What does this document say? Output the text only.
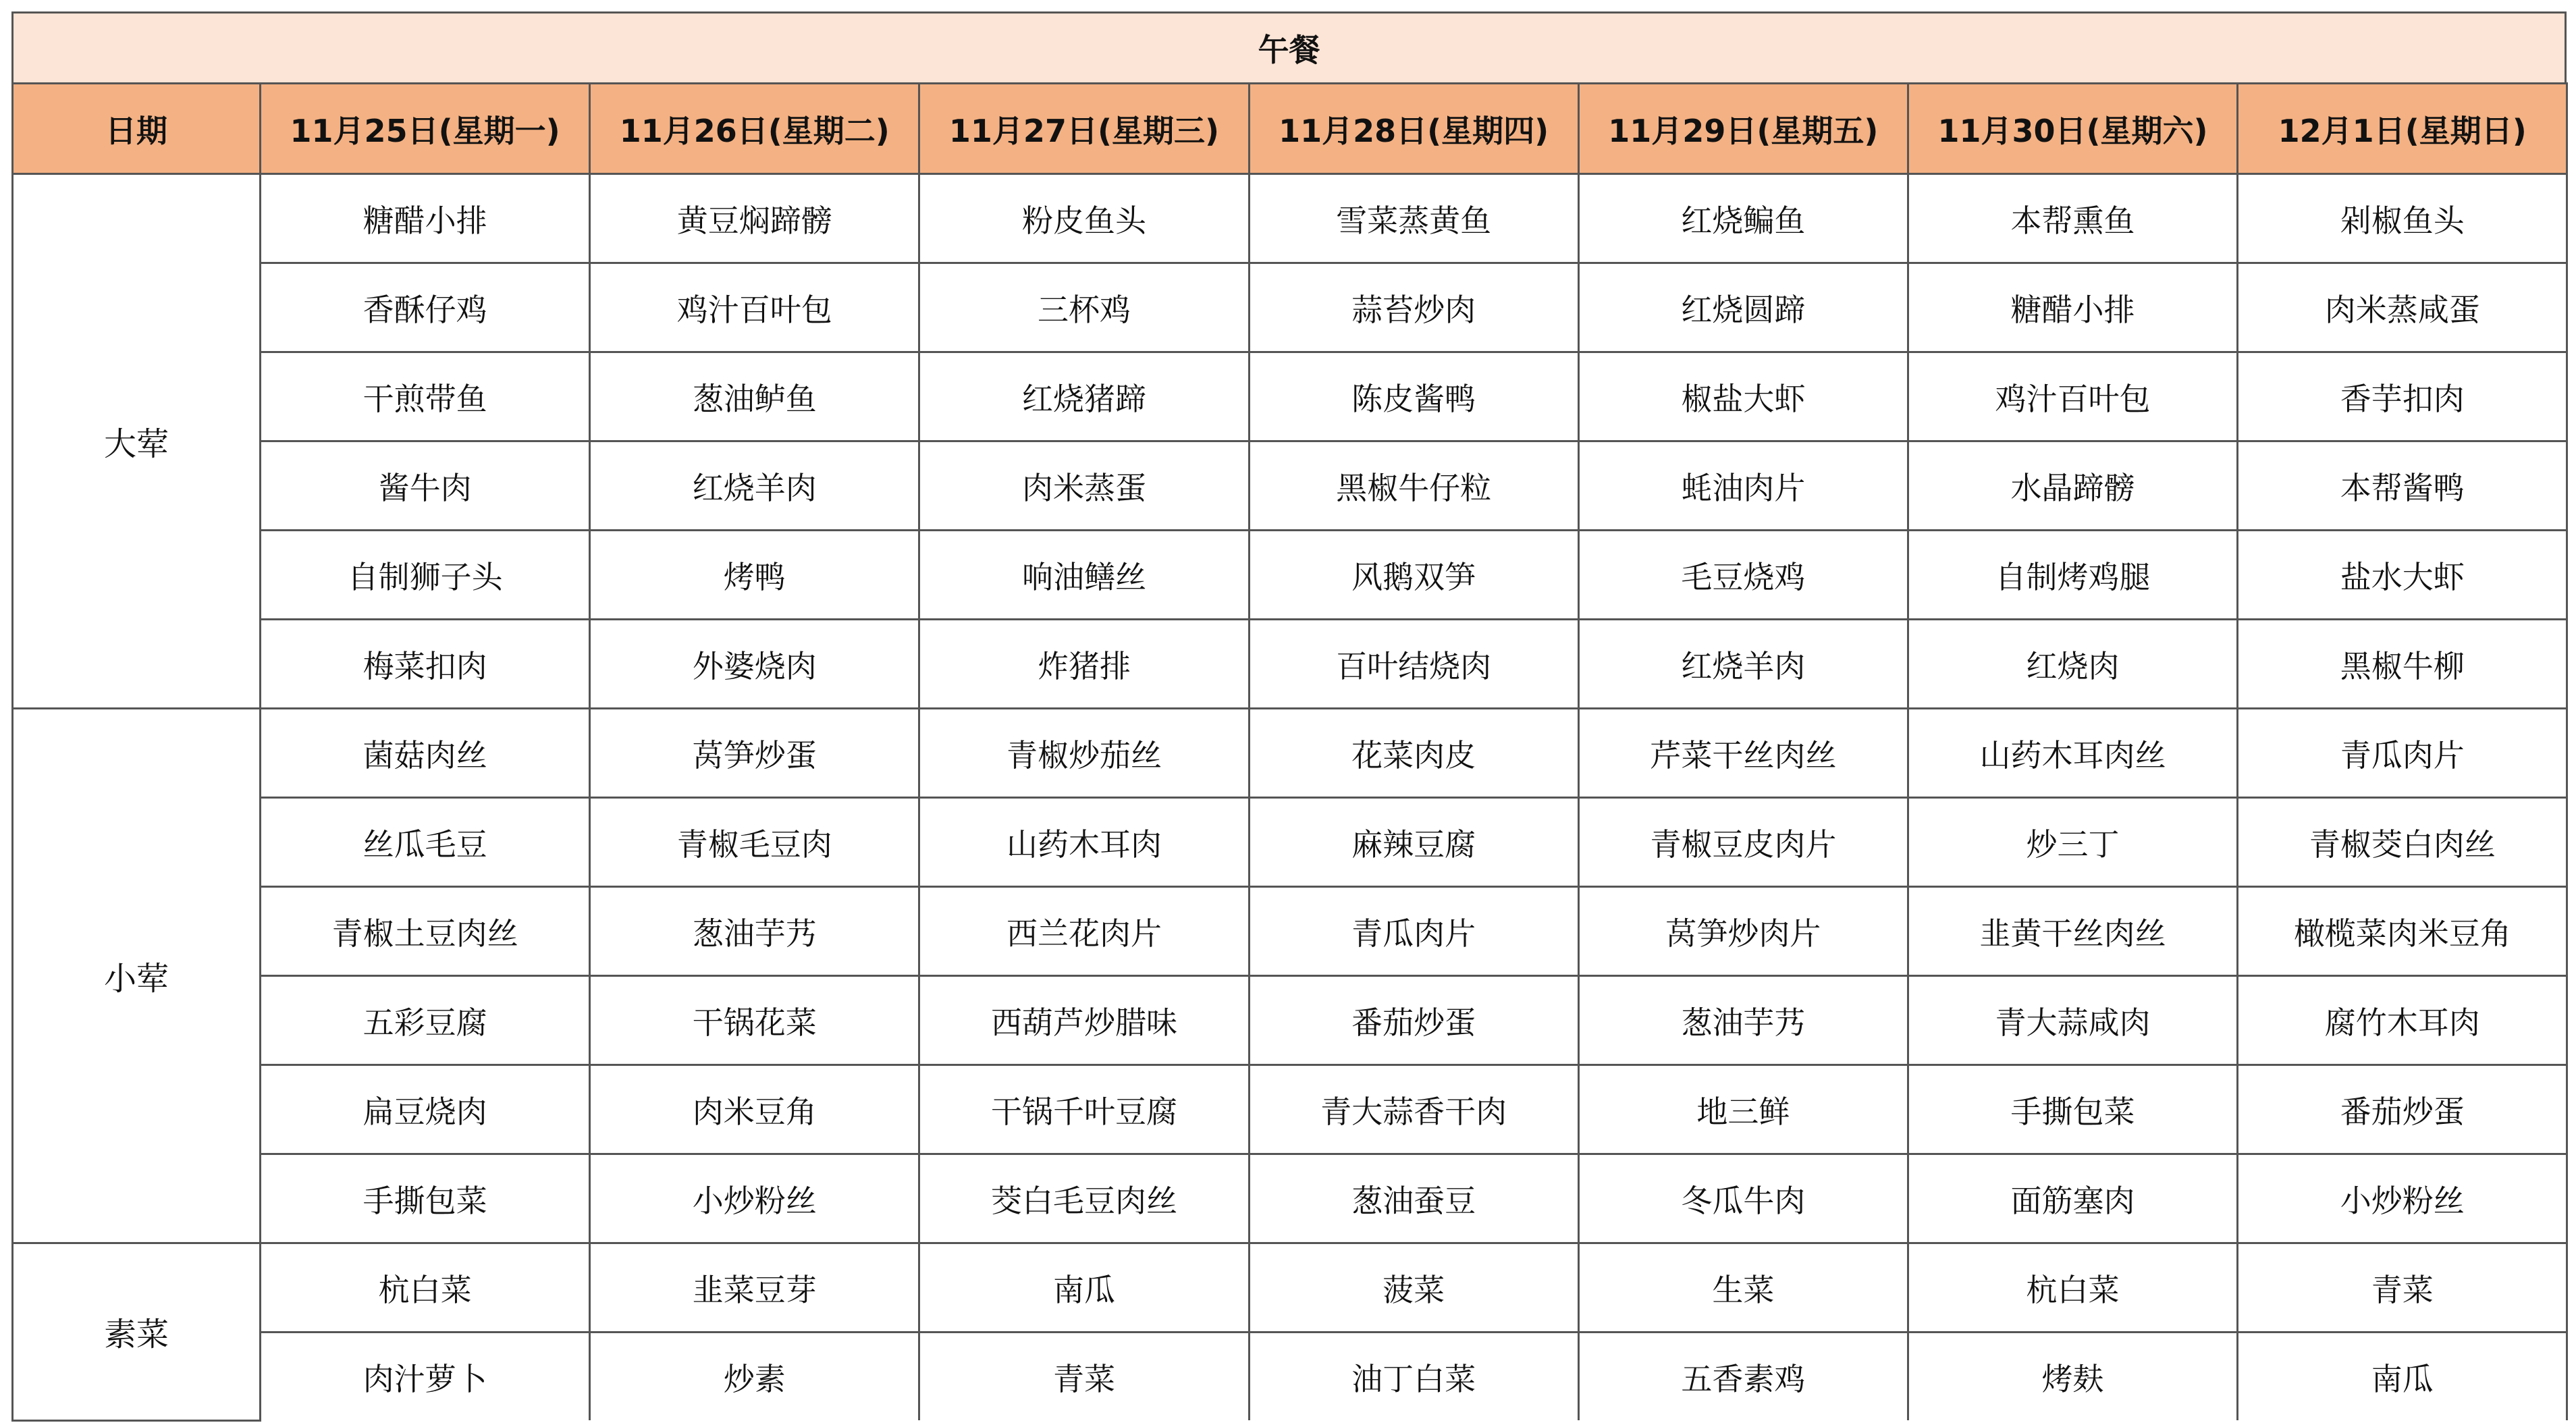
午餐
日期	11月25日(星期一)	11月26日(星期二)	11月27日(星期三)	11月28日(星期四)	11月29日(星期五)	11月30日(星期六)	12月1日(星期日)
大荤	糖醋小排	黄豆焖蹄髈	粉皮鱼头	雪菜蒸黄鱼	红烧鳊鱼	本帮熏鱼	剁椒鱼头
	香酥仔鸡	鸡汁百叶包	三杯鸡	蒜苔炒肉	红烧圆蹄	糖醋小排	肉米蒸咸蛋
	干煎带鱼	葱油鲈鱼	红烧猪蹄	陈皮酱鸭	椒盐大虾	鸡汁百叶包	香芋扣肉
	酱牛肉	红烧羊肉	肉米蒸蛋	黑椒牛仔粒	蚝油肉片	水晶蹄髈	本帮酱鸭
	自制狮子头	烤鸭	响油鳝丝	风鹅双笋	毛豆烧鸡	自制烤鸡腿	盐水大虾
	梅菜扣肉	外婆烧肉	炸猪排	百叶结烧肉	红烧羊肉	红烧肉	黑椒牛柳
小荤	菌菇肉丝	莴笋炒蛋	青椒炒茄丝	花菜肉皮	芹菜干丝肉丝	山药木耳肉丝	青瓜肉片
	丝瓜毛豆	青椒毛豆肉	山药木耳肉	麻辣豆腐	青椒豆皮肉片	炒三丁	青椒茭白肉丝
	青椒土豆肉丝	葱油芋艿	西兰花肉片	青瓜肉片	莴笋炒肉片	韭黄干丝肉丝	橄榄菜肉米豆角
	五彩豆腐	干锅花菜	西葫芦炒腊味	番茄炒蛋	葱油芋艿	青大蒜咸肉	腐竹木耳肉
	扁豆烧肉	肉米豆角	干锅千叶豆腐	青大蒜香干肉	地三鲜	手撕包菜	番茄炒蛋
	手撕包菜	小炒粉丝	茭白毛豆肉丝	葱油蚕豆	冬瓜牛肉	面筋塞肉	小炒粉丝
素菜	杭白菜	韭菜豆芽	南瓜	菠菜	生菜	杭白菜	青菜
	肉汁萝卜	炒素	青菜	油丁白菜	五香素鸡	烤麸	南瓜
